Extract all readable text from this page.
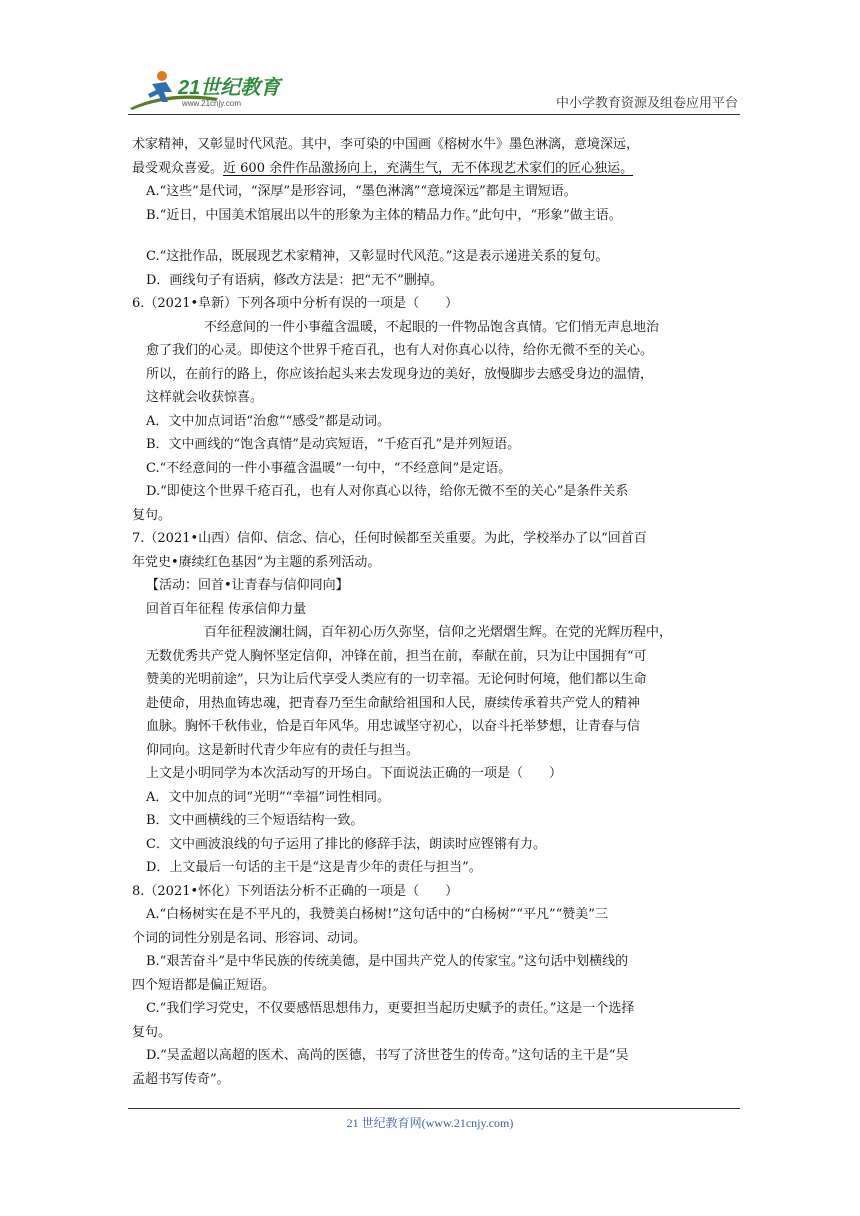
21世纪教育
www.21cnjy.com	中小学教育资源及组卷应用平台

术家精神，又彰显时代风范。其中，李可染的中国画《榕树水牛》墨色淋漓，意境深远，

最受观众喜爱。近 600 余件作品激扬向上，充满生气，无不体现艺术家们的匠心独运。

A.“这些”是代词，“深厚”是形容词，“墨色淋漓”“意境深远”都是主谓短语。

B.“近日，中国美术馆展出以牛的形象为主体的精品力作。”此句中，“形象”做主语。

C.“这批作品，既展现艺术家精神，又彰显时代风范。”这是表示递进关系的复句。

D．画线句子有语病，修改方法是：把“无不”删掉。

6.（2021•阜新）下列各项中分析有误的一项是（　　）

不经意间的一件小事蕴含温暖，不起眼的一件物品饱含真情。它们悄无声息地治

愈了我们的心灵。即使这个世界千疮百孔，也有人对你真心以待，给你无微不至的关心。

所以，在前行的路上，你应该抬起头来去发现身边的美好，放慢脚步去感受身边的温情，

这样就会收获惊喜。

A．文中加点词语“治愈”“感受”都是动词。

B．文中画线的“饱含真情”是动宾短语，“千疮百孔”是并列短语。

C.“不经意间的一件小事蕴含温暖”一句中，“不经意间”是定语。

D.“即使这个世界千疮百孔，也有人对你真心以待，给你无微不至的关心”是条件关系

复句。

7.（2021•山西）信仰、信念、信心，任何时候都至关重要。为此，学校举办了以“回首百

年党史•赓续红色基因”为主题的系列活动。

【活动：回首•让青春与信仰同向】

回首百年征程 传承信仰力量

百年征程波澜壮阔，百年初心历久弥坚，信仰之光熠熠生辉。在党的光辉历程中，

无数优秀共产党人胸怀坚定信仰，冲锋在前，担当在前，奉献在前，只为让中国拥有“可

赞美的光明前途”，只为让后代享受人类应有的一切幸福。无论何时何境，他们都以生命

赴使命，用热血铸忠魂，把青春乃至生命献给祖国和人民，赓续传承着共产党人的精神

血脉。胸怀千秋伟业，恰是百年风华。用忠诚坚守初心，以奋斗托举梦想，让青春与信

仰同向。这是新时代青少年应有的责任与担当。

上文是小明同学为本次活动写的开场白。下面说法正确的一项是（　　）

A．文中加点的词“光明”“幸福”词性相同。

B．文中画横线的三个短语结构一致。

C．文中画波浪线的句子运用了排比的修辞手法，朗读时应铿锵有力。

D．上文最后一句话的主干是“这是青少年的责任与担当”。

8.（2021•怀化）下列语法分析不正确的一项是（　　）

A.“白杨树实在是不平凡的，我赞美白杨树!”这句话中的“白杨树”“平凡”“赞美”三

个词的词性分别是名词、形容词、动词。

B.“艰苦奋斗”是中华民族的传统美德，是中国共产党人的传家宝。”这句话中划横线的

四个短语都是偏正短语。

C.“我们学习党史，不仅要感悟思想伟力，更要担当起历史赋予的责任。”这是一个选择

复句。

D.“吴孟超以高超的医术、高尚的医德，书写了济世苍生的传奇。”这句话的主干是“吴

孟超书写传奇”。

21 世纪教育网(www.21cnjy.com)
